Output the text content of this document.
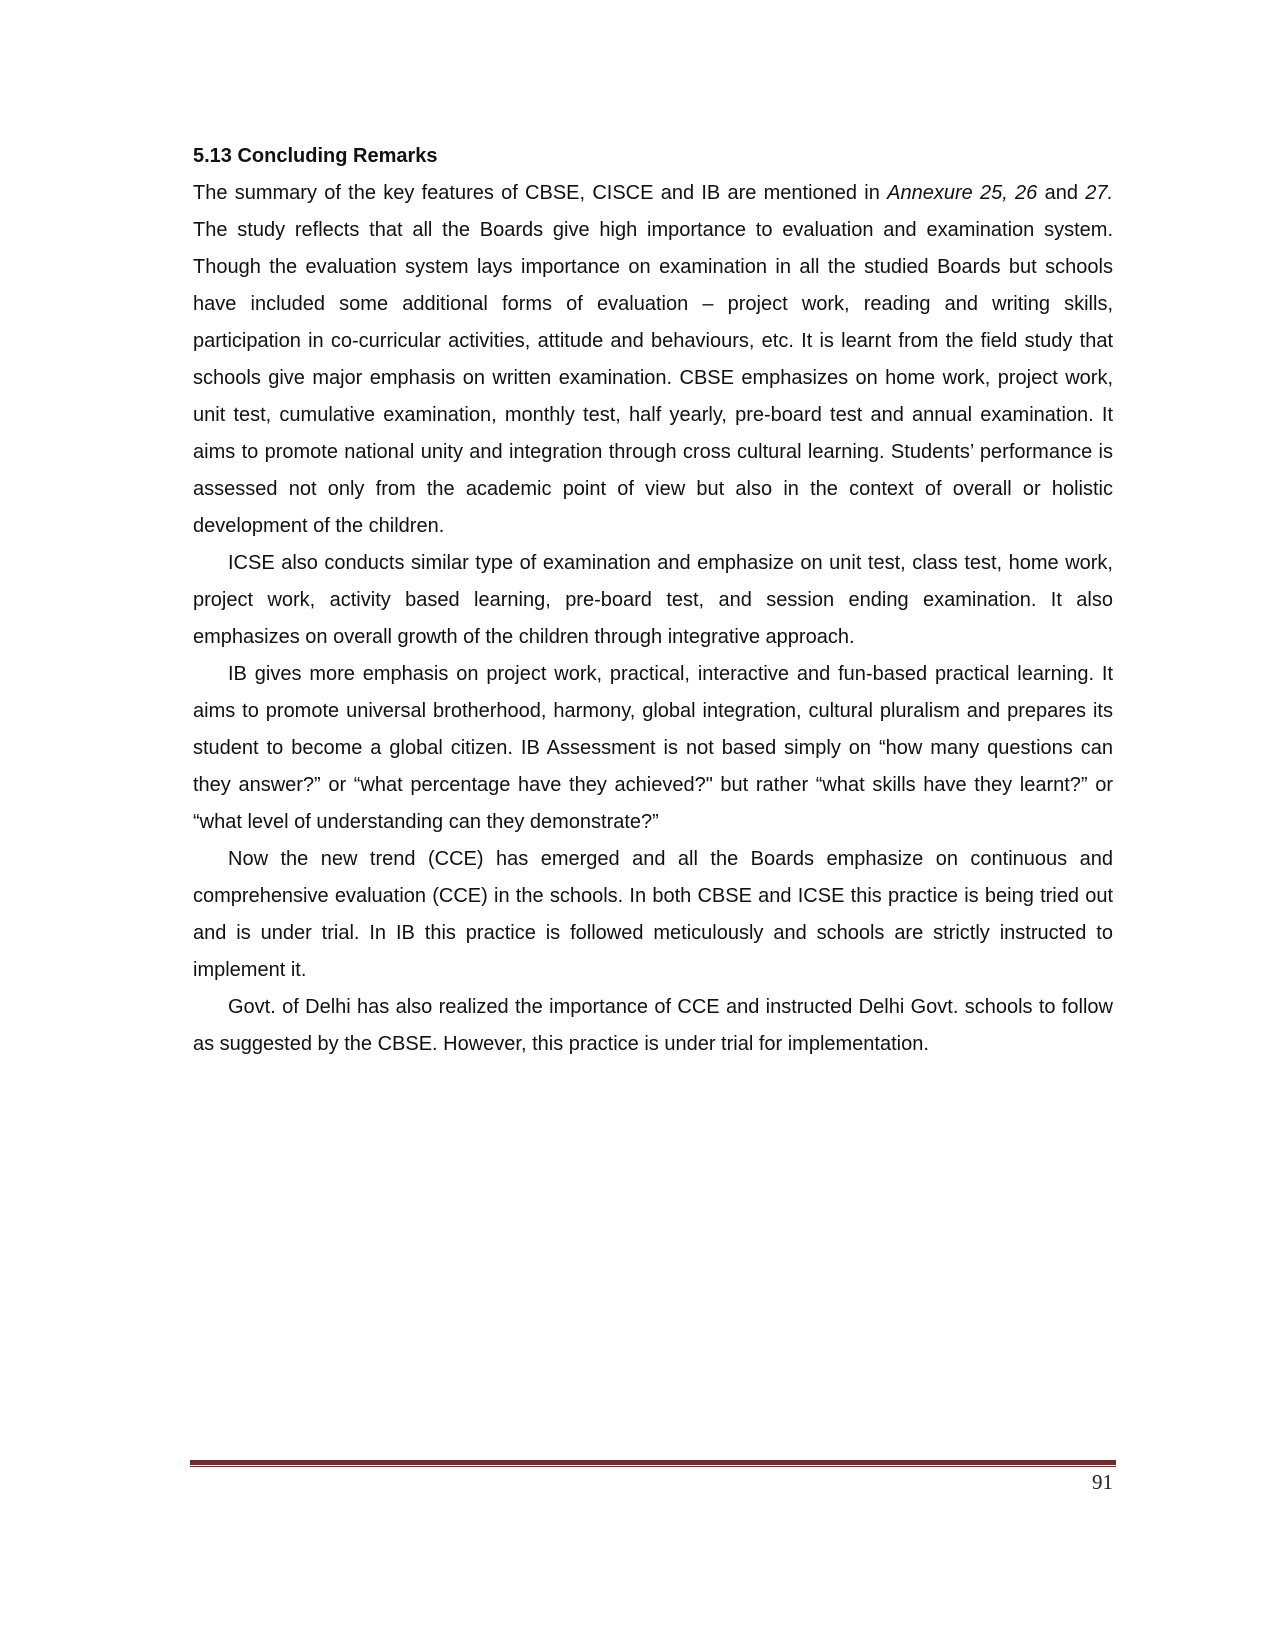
5.13 Concluding Remarks

The summary of the key features of CBSE, CISCE and IB are mentioned in Annexure 25, 26 and 27. The study reflects that all the Boards give high importance to evaluation and examination system. Though the evaluation system lays importance on examination in all the studied Boards but schools have included some additional forms of evaluation – project work, reading and writing skills, participation in co-curricular activities, attitude and behaviours, etc. It is learnt from the field study that schools give major emphasis on written examination. CBSE emphasizes on home work, project work, unit test, cumulative examination, monthly test, half yearly, pre-board test and annual examination. It aims to promote national unity and integration through cross cultural learning. Students’ performance is assessed not only from the academic point of view but also in the context of overall or holistic development of the children.

ICSE also conducts similar type of examination and emphasize on unit test, class test, home work, project work, activity based learning, pre-board test, and session ending examination. It also emphasizes on overall growth of the children through integrative approach.

IB gives more emphasis on project work, practical, interactive and fun-based practical learning. It aims to promote universal brotherhood, harmony, global integration, cultural pluralism and prepares its student to become a global citizen. IB Assessment is not based simply on “how many questions can they answer?” or “what percentage have they achieved?" but rather “what skills have they learnt?” or “what level of understanding can they demonstrate?”

Now the new trend (CCE) has emerged and all the Boards emphasize on continuous and comprehensive evaluation (CCE) in the schools. In both CBSE and ICSE this practice is being tried out and is under trial. In IB this practice is followed meticulously and schools are strictly instructed to implement it.

Govt. of Delhi has also realized the importance of CCE and instructed Delhi Govt. schools to follow as suggested by the CBSE. However, this practice is under trial for implementation.

91
